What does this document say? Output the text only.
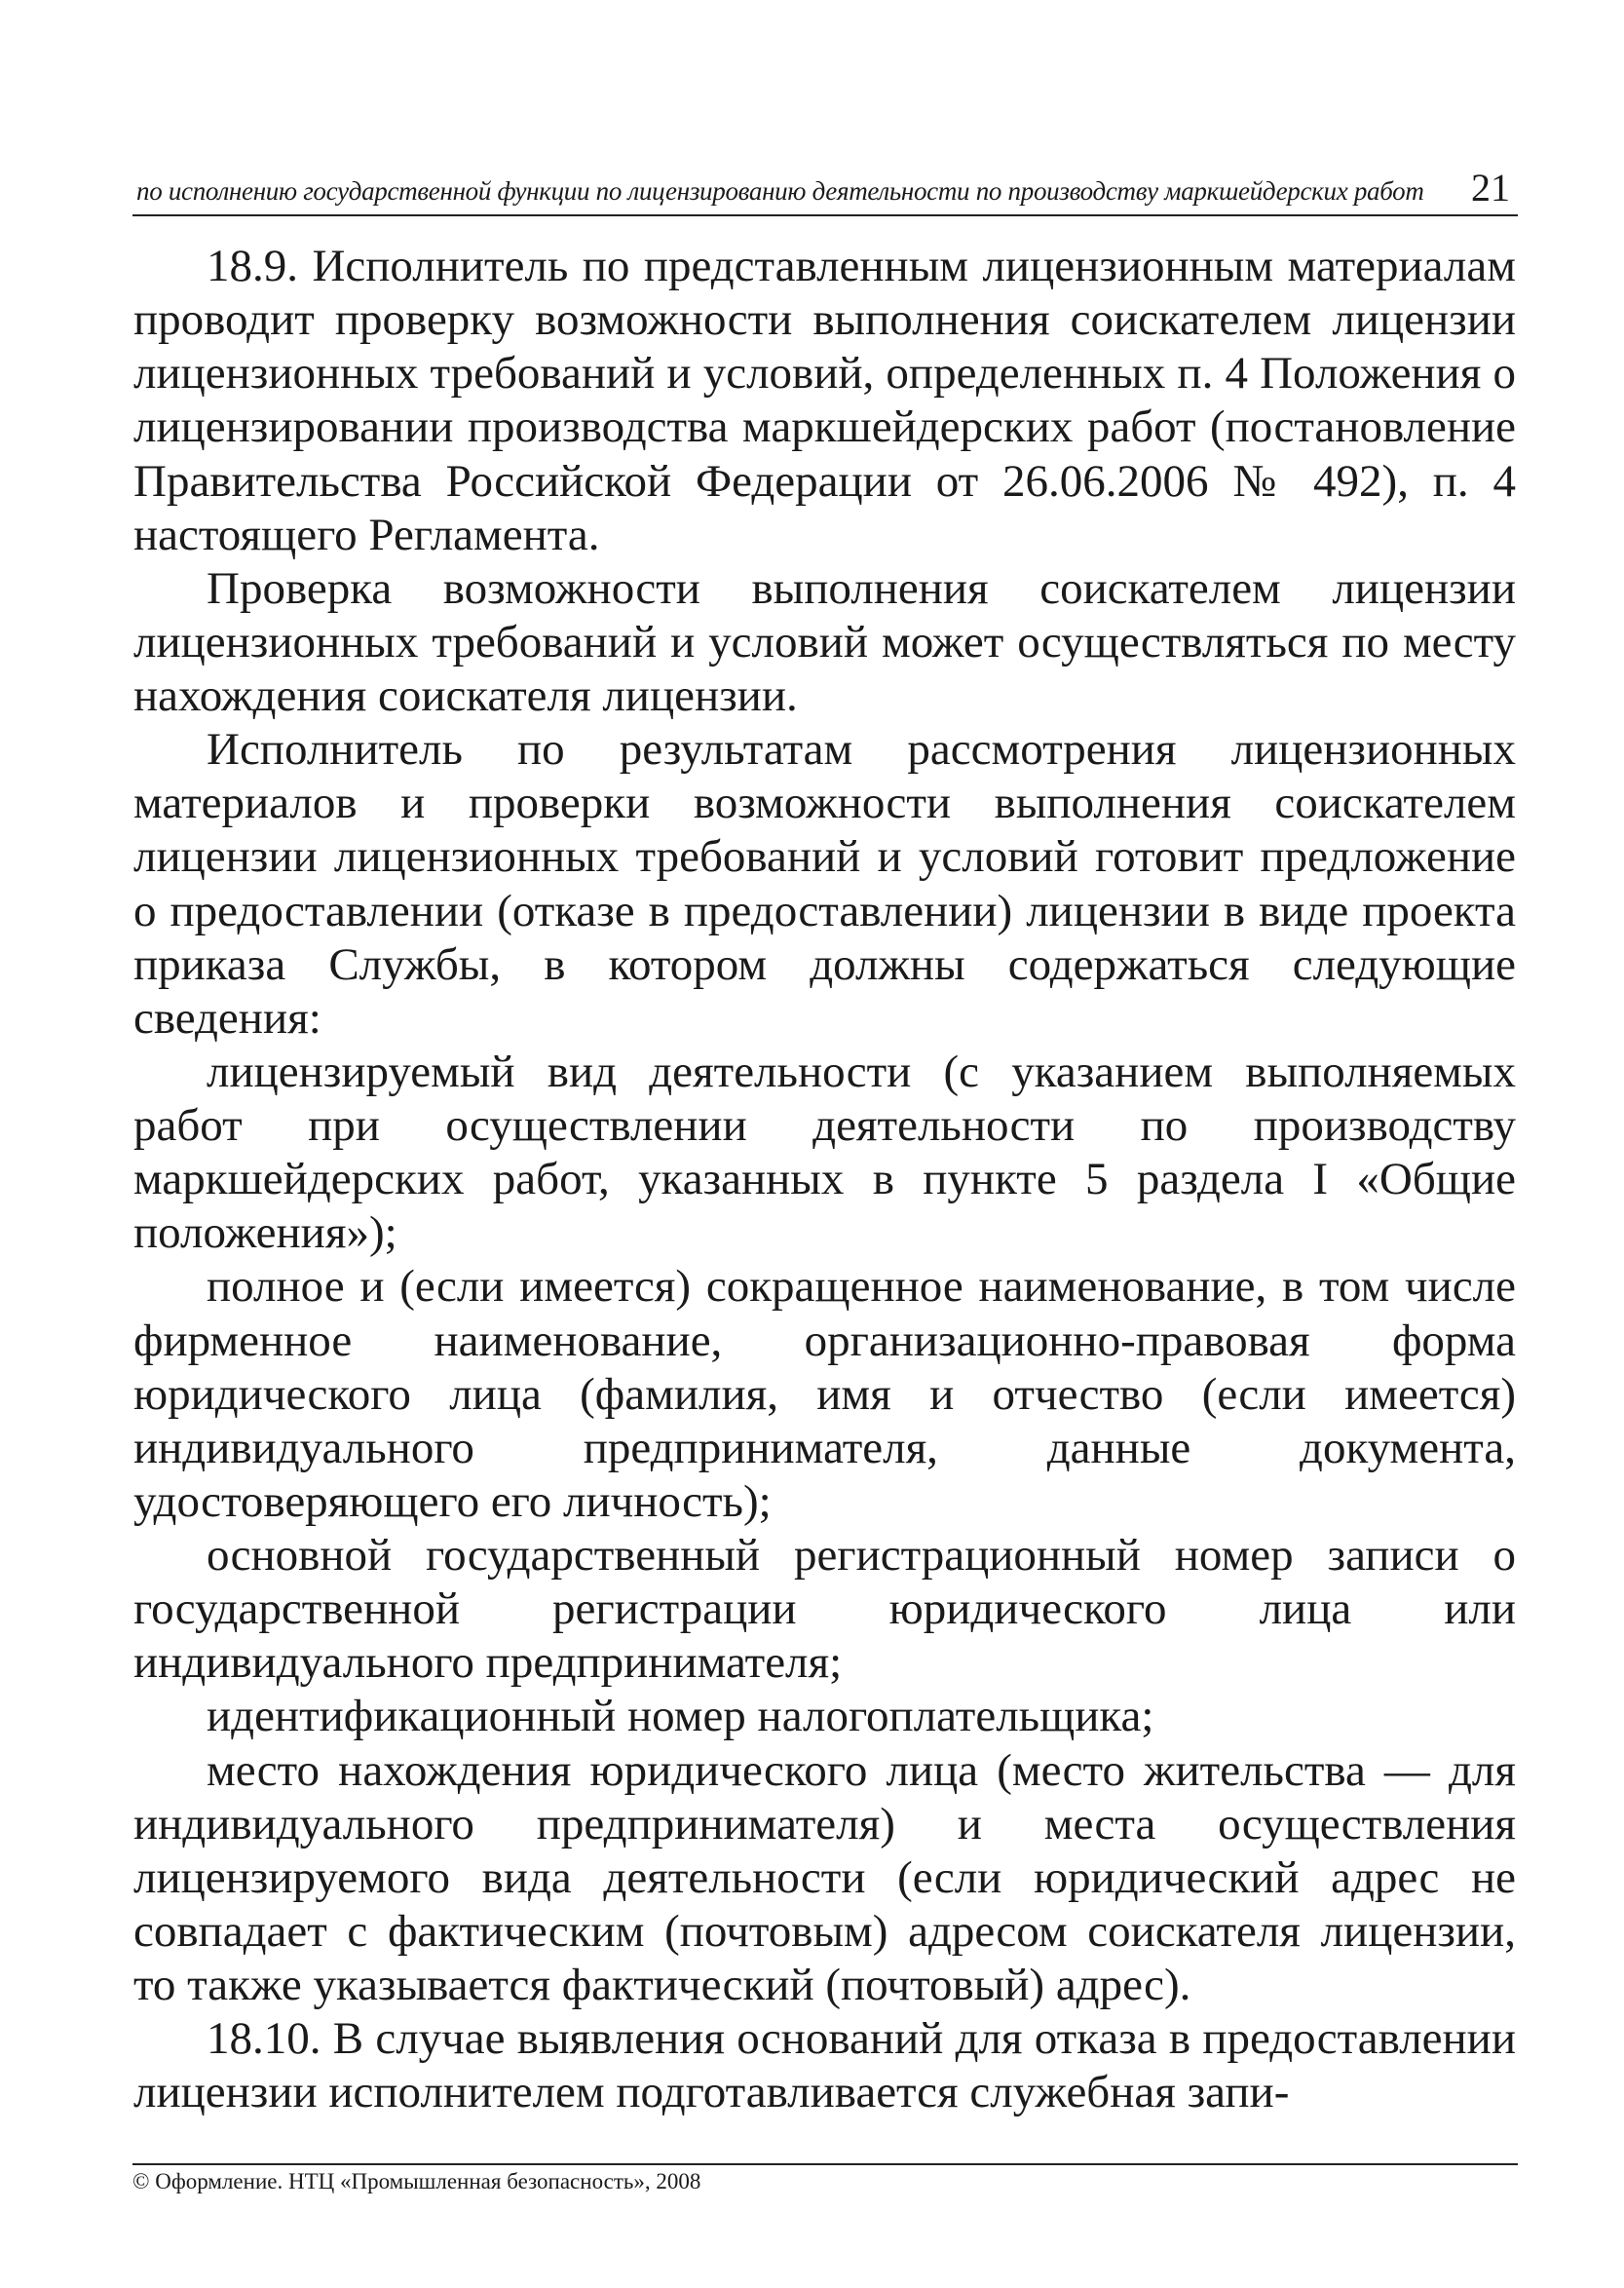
по исполнению государственной функции по лицензированию деятельности по производству маркшейдерских работ 21

18.9. Исполнитель по представленным лицензионным материалам проводит проверку возможности выполнения соискателем лицензии лицензионных требований и условий, определенных п. 4 Положения о лицензировании производства маркшейдерских работ (постановление Правительства Российской Федерации от 26.06.2006 № 492), п. 4 настоящего Регламента.

Проверка возможности выполнения соискателем лицензии лицензионных требований и условий может осуществляться по месту нахождения соискателя лицензии.

Исполнитель по результатам рассмотрения лицензионных материалов и проверки возможности выполнения соискателем лицензии лицензионных требований и условий готовит предложение о предоставлении (отказе в предоставлении) лицензии в виде проекта приказа Службы, в котором должны содержаться следующие сведения:

лицензируемый вид деятельности (с указанием выполняемых работ при осуществлении деятельности по производству маркшейдерских работ, указанных в пункте 5 раздела I «Общие положения»);

полное и (если имеется) сокращенное наименование, в том числе фирменное наименование, организационно-правовая форма юридического лица (фамилия, имя и отчество (если имеется) индивидуального предпринимателя, данные документа, удостоверяющего его личность);

основной государственный регистрационный номер записи о государственной регистрации юридического лица или индивидуального предпринимателя;

идентификационный номер налогоплательщика;

место нахождения юридического лица (место жительства — для индивидуального предпринимателя) и места осуществления лицензируемого вида деятельности (если юридический адрес не совпадает с фактическим (почтовым) адресом соискателя лицензии, то также указывается фактический (почтовый) адрес).

18.10. В случае выявления оснований для отказа в предоставлении лицензии исполнителем подготавливается служебная запи-

© Оформление. НТЦ «Промышленная безопасность», 2008
